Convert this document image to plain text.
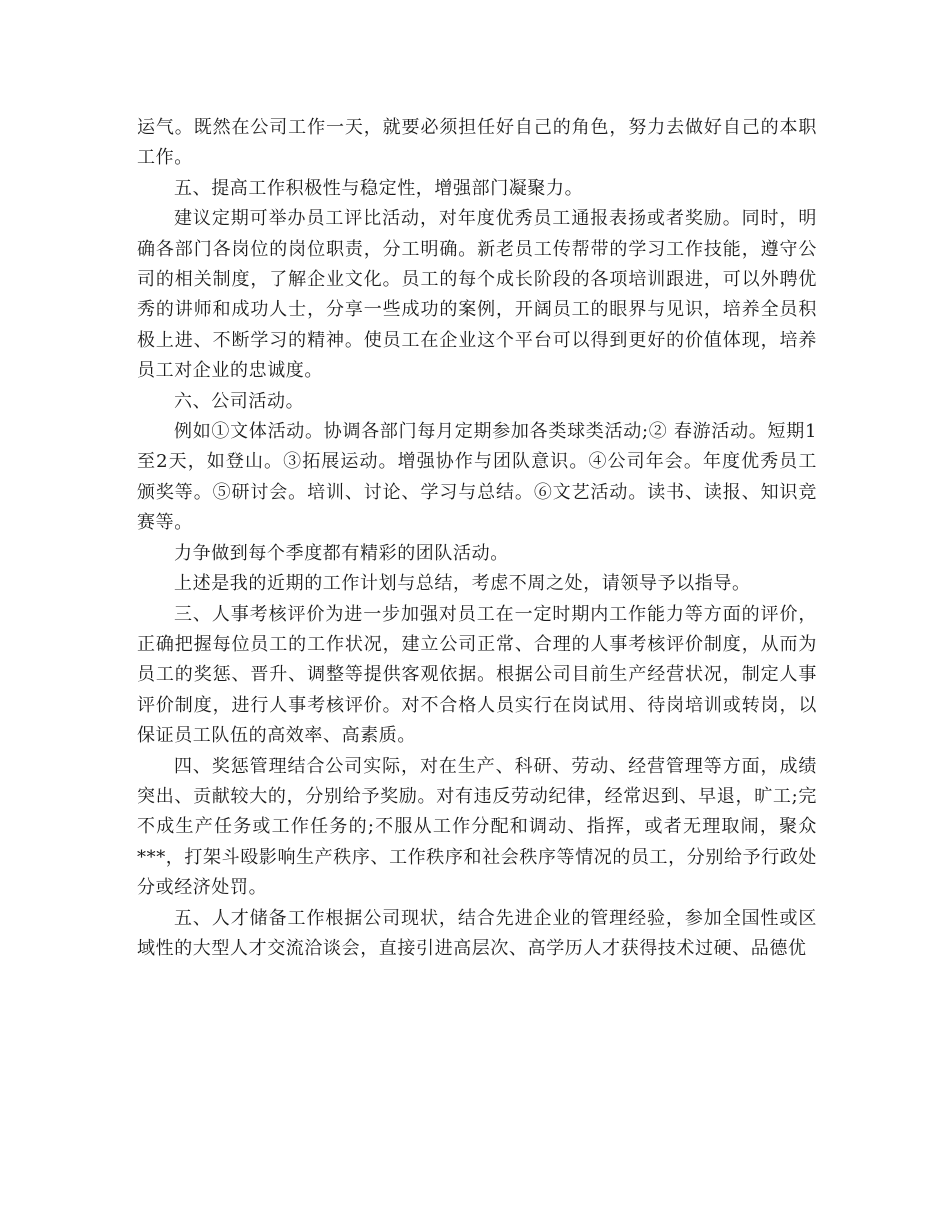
运气。既然在公司工作一天，就要必须担任好自己的角色，努力去做好自己的本职工作。

五、提高工作积极性与稳定性，增强部门凝聚力。

建议定期可举办员工评比活动，对年度优秀员工通报表扬或者奖励。同时，明确各部门各岗位的岗位职责，分工明确。新老员工传帮带的学习工作技能，遵守公司的相关制度，了解企业文化。员工的每个成长阶段的各项培训跟进，可以外聘优秀的讲师和成功人士，分享一些成功的案例，开阔员工的眼界与见识，培养全员积极上进、不断学习的精神。使员工在企业这个平台可以得到更好的价值体现，培养员工对企业的忠诚度。

六、公司活动。

例如①文体活动。协调各部门每月定期参加各类球类活动;② 春游活动。短期1至2天，如登山。③拓展运动。增强协作与团队意识。④公司年会。年度优秀员工颁奖等。⑤研讨会。培训、讨论、学习与总结。⑥文艺活动。读书、读报、知识竞赛等。

力争做到每个季度都有精彩的团队活动。

上述是我的近期的工作计划与总结，考虑不周之处，请领导予以指导。

三、人事考核评价为进一步加强对员工在一定时期内工作能力等方面的评价，正确把握每位员工的工作状况，建立公司正常、合理的人事考核评价制度，从而为员工的奖惩、晋升、调整等提供客观依据。根据公司目前生产经营状况，制定人事评价制度，进行人事考核评价。对不合格人员实行在岗试用、待岗培训或转岗，以保证员工队伍的高效率、高素质。

四、奖惩管理结合公司实际，对在生产、科研、劳动、经营管理等方面，成绩突出、贡献较大的，分别给予奖励。对有违反劳动纪律，经常迟到、早退，旷工;完不成生产任务或工作任务的;不服从工作分配和调动、指挥，或者无理取闹，聚众***，打架斗殴影响生产秩序、工作秩序和社会秩序等情况的员工，分别给予行政处分或经济处罚。

五、人才储备工作根据公司现状，结合先进企业的管理经验，参加全国性或区域性的大型人才交流洽谈会，直接引进高层次、高学历人才获得技术过硬、品德优
